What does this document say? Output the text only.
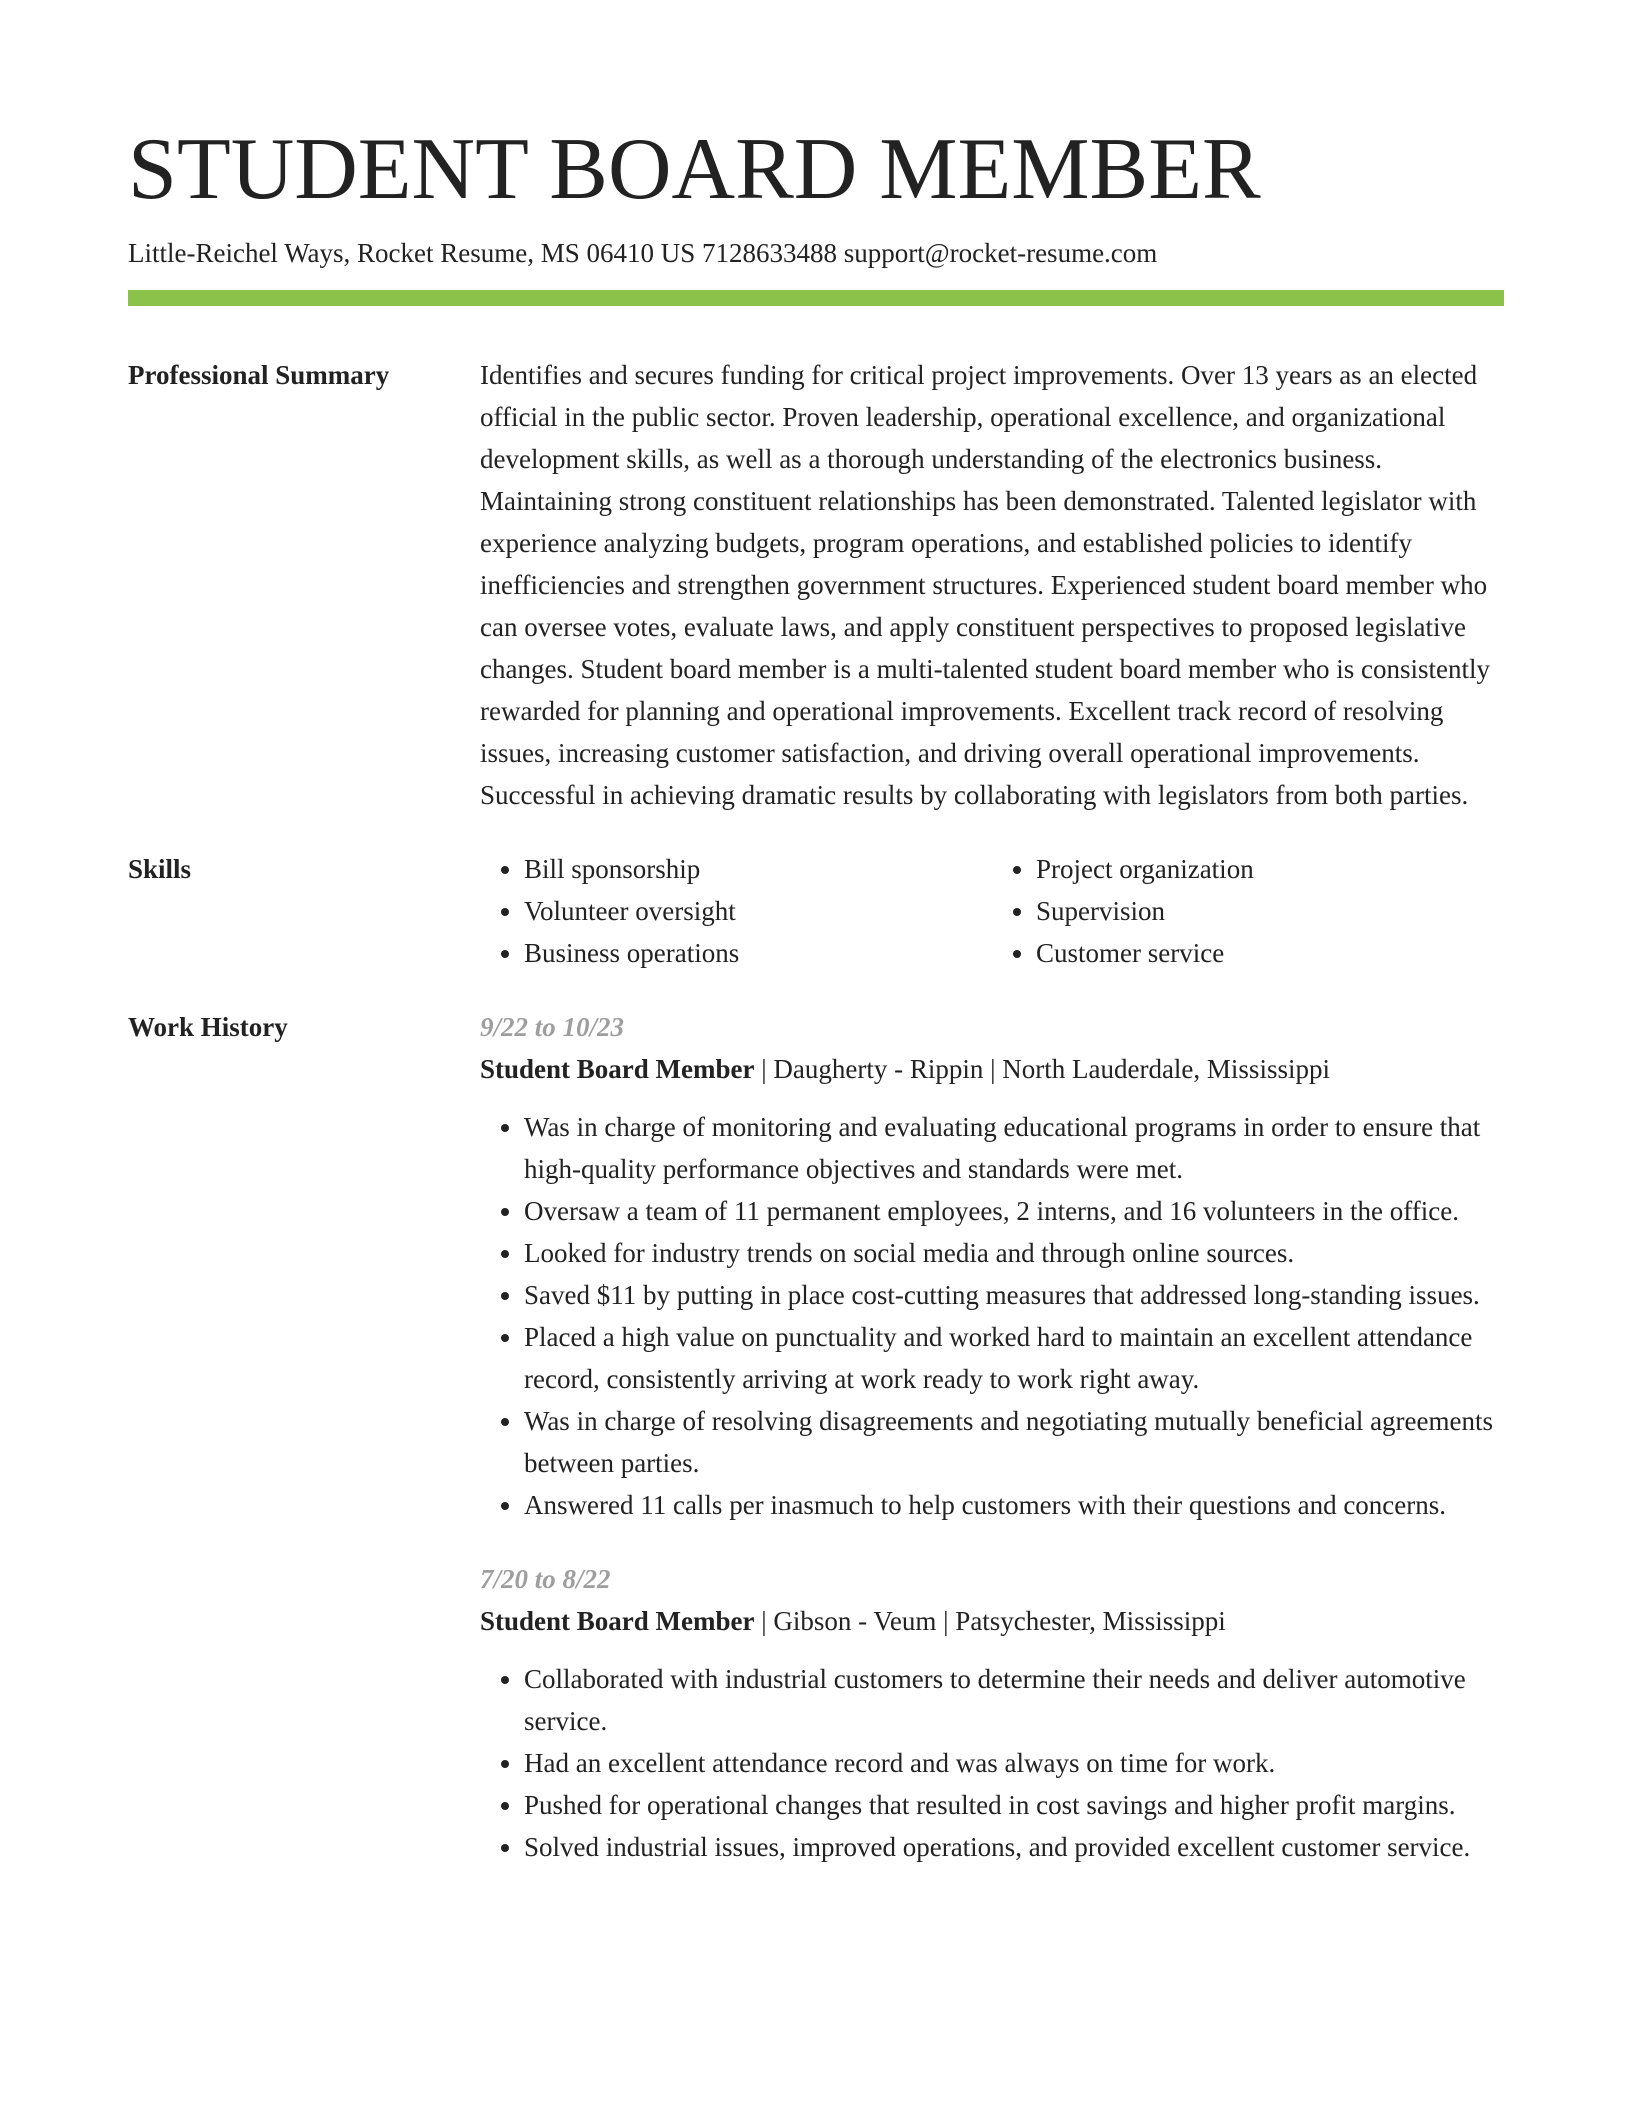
STUDENT BOARD MEMBER
Little-Reichel Ways, Rocket Resume, MS 06410 US 7128633488 support@rocket-resume.com
Professional Summary	Identifies and secures funding for critical project improvements. Over 13 years as an elected official in the public sector. Proven leadership, operational excellence, and organizational development skills, as well as a thorough understanding of the electronics business. Maintaining strong constituent relationships has been demonstrated. Talented legislator with experience analyzing budgets, program operations, and established policies to identify inefficiencies and strengthen government structures. Experienced student board member who can oversee votes, evaluate laws, and apply constituent perspectives to proposed legislative changes. Student board member is a multi-talented student board member who is consistently rewarded for planning and operational improvements. Excellent track record of resolving issues, increasing customer satisfaction, and driving overall operational improvements. Successful in achieving dramatic results by collaborating with legislators from both parties.
Skills
•	Bill sponsorship
• Volunteer oversight
• Business operations
• Project organization
• Supervision
• Customer service
Work History	9/22 to 10/23
Student Board Member | Daugherty - Rippin | North Lauderdale, Mississippi
• Was in charge of monitoring and evaluating educational programs in order to ensure that high-quality performance objectives and standards were met.
• Oversaw a team of 11 permanent employees, 2 interns, and 16 volunteers in the office.
• Looked for industry trends on social media and through online sources.
• Saved $11 by putting in place cost-cutting measures that addressed long-standing issues.
• Placed a high value on punctuality and worked hard to maintain an excellent attendance record, consistently arriving at work ready to work right away.
• Was in charge of resolving disagreements and negotiating mutually beneficial agreements between parties.
• Answered 11 calls per inasmuch to help customers with their questions and concerns.
7/20 to 8/22
Student Board Member | Gibson - Veum | Patsychester, Mississippi
• Collaborated with industrial customers to determine their needs and deliver automotive service.
• Had an excellent attendance record and was always on time for work.
• Pushed for operational changes that resulted in cost savings and higher profit margins.
• Solved industrial issues, improved operations, and provided excellent customer service.
